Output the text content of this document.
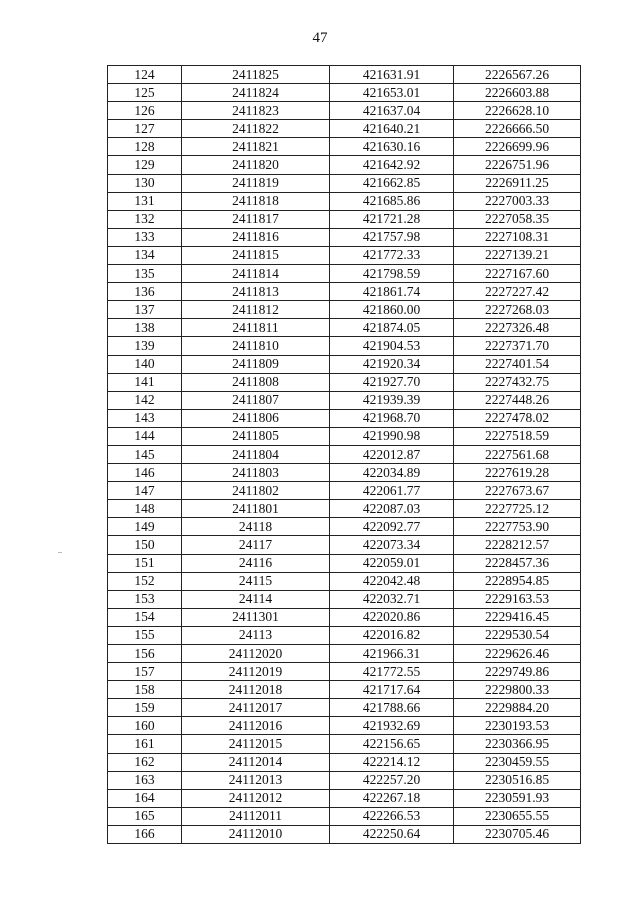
47
124	2411825	421631.91	2226567.26
125	2411824	421653.01	2226603.88
126	2411823	421637.04	2226628.10
127	2411822	421640.21	2226666.50
128	2411821	421630.16	2226699.96
129	2411820	421642.92	2226751.96
130	2411819	421662.85	2226911.25
131	2411818	421685.86	2227003.33
132	2411817	421721.28	2227058.35
133	2411816	421757.98	2227108.31
134	2411815	421772.33	2227139.21
135	2411814	421798.59	2227167.60
136	2411813	421861.74	2227227.42
137	2411812	421860.00	2227268.03
138	2411811	421874.05	2227326.48
139	2411810	421904.53	2227371.70
140	2411809	421920.34	2227401.54
141	2411808	421927.70	2227432.75
142	2411807	421939.39	2227448.26
143	2411806	421968.70	2227478.02
144	2411805	421990.98	2227518.59
145	2411804	422012.87	2227561.68
146	2411803	422034.89	2227619.28
147	2411802	422061.77	2227673.67
148	2411801	422087.03	2227725.12
149	24118	422092.77	2227753.90
150	24117	422073.34	2228212.57
151	24116	422059.01	2228457.36
152	24115	422042.48	2228954.85
153	24114	422032.71	2229163.53
154	2411301	422020.86	2229416.45
155	24113	422016.82	2229530.54
156	24112020	421966.31	2229626.46
157	24112019	421772.55	2229749.86
158	24112018	421717.64	2229800.33
159	24112017	421788.66	2229884.20
160	24112016	421932.69	2230193.53
161	24112015	422156.65	2230366.95
162	24112014	422214.12	2230459.55
163	24112013	422257.20	2230516.85
164	24112012	422267.18	2230591.93
165	24112011	422266.53	2230655.55
166	24112010	422250.64	2230705.46
